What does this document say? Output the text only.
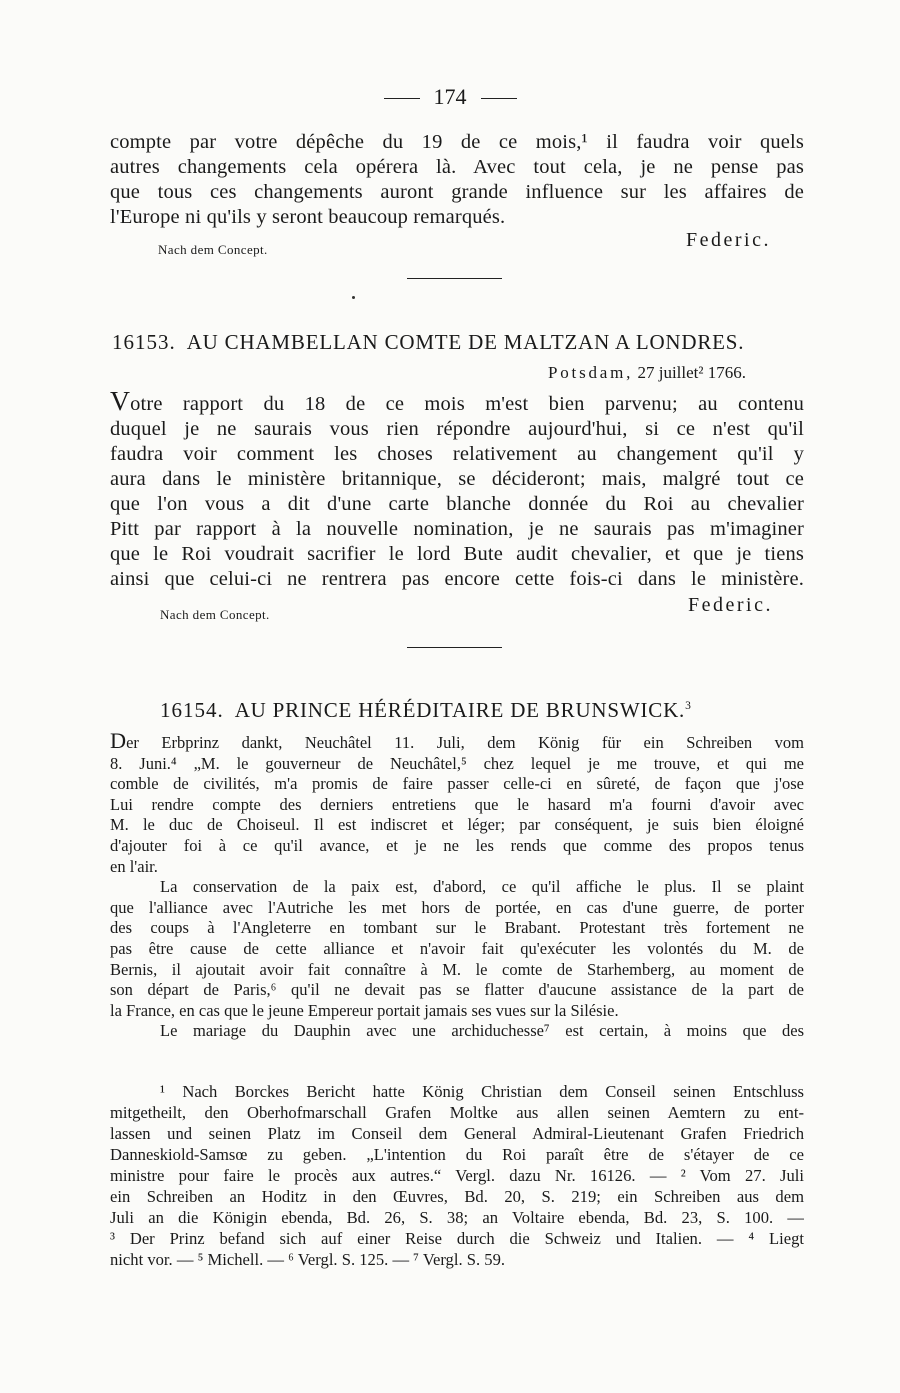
174
compte par votre dépêche du 19 de ce mois,¹ il faudra voir quels
autres changements cela opérera là. Avec tout cela, je ne pense pas
que tous ces changements auront grande influence sur les affaires de
l'Europe ni qu'ils y seront beaucoup remarqués.
Nach dem Concept.	Federic.
16153. AU CHAMBELLAN COMTE DE MALTZAN A LONDRES.
Potsdam, 27 juillet² 1766.
Votre rapport du 18 de ce mois m'est bien parvenu; au contenu
duquel je ne saurais vous rien répondre aujourd'hui, si ce n'est qu'il
faudra voir comment les choses relativement au changement qu'il y
aura dans le ministère britannique, se décideront; mais, malgré tout ce
que l'on vous a dit d'une carte blanche donnée du Roi au chevalier
Pitt par rapport à la nouvelle nomination, je ne saurais pas m'imaginer
que le Roi voudrait sacrifier le lord Bute audit chevalier, et que je tiens
ainsi que celui-ci ne rentrera pas encore cette fois-ci dans le ministère.
Nach dem Concept.	Federic.
16154. AU PRINCE HÉRÉDITAIRE DE BRUNSWICK.$^3$
Der Erbprinz dankt, Neuchâtel 11. Juli, dem König für ein Schreiben vom
8. Juni.⁴ „M. le gouverneur de Neuchâtel,⁵ chez lequel je me trouve, et qui me
comble de civilités, m'a promis de faire passer celle-ci en sûreté, de façon que j'ose
Lui rendre compte des derniers entretiens que le hasard m'a fourni d'avoir avec
M. le duc de Choiseul. Il est indiscret et léger; par conséquent, je suis bien éloigné
d'ajouter foi à ce qu'il avance, et je ne les rends que comme des propos tenus
en l'air.
La conservation de la paix est, d'abord, ce qu'il affiche le plus. Il se plaint
que l'alliance avec l'Autriche les met hors de portée, en cas d'une guerre, de porter
des coups à l'Angleterre en tombant sur le Brabant. Protestant très fortement ne
pas être cause de cette alliance et n'avoir fait qu'exécuter les volontés du M. de
Bernis, il ajoutait avoir fait connaître à M. le comte de Starhemberg, au moment de
son départ de Paris,⁶ qu'il ne devait pas se flatter d'aucune assistance de la part de
la France, en cas que le jeune Empereur portait jamais ses vues sur la Silésie.
Le mariage du Dauphin avec une archiduchesse⁷ est certain, à moins que des
¹ Nach Borckes Bericht hatte König Christian dem Conseil seinen Entschluss
mitgetheilt, den Oberhofmarschall Grafen Moltke aus allen seinen Aemtern zu ent-
lassen und seinen Platz im Conseil dem General Admiral-Lieutenant Grafen Friedrich
Danneskiold-Samsœ zu geben. „L'intention du Roi paraît être de s'étayer de ce
ministre pour faire le procès aux autres.“ Vergl. dazu Nr. 16126. — ² Vom 27. Juli
ein Schreiben an Hoditz in den Œuvres, Bd. 20, S. 219; ein Schreiben aus dem
Juli an die Königin ebenda, Bd. 26, S. 38; an Voltaire ebenda, Bd. 23, S. 100. —
³ Der Prinz befand sich auf einer Reise durch die Schweiz und Italien. — ⁴ Liegt
nicht vor. — ⁵ Michell. — ⁶ Vergl. S. 125. — ⁷ Vergl. S. 59.
